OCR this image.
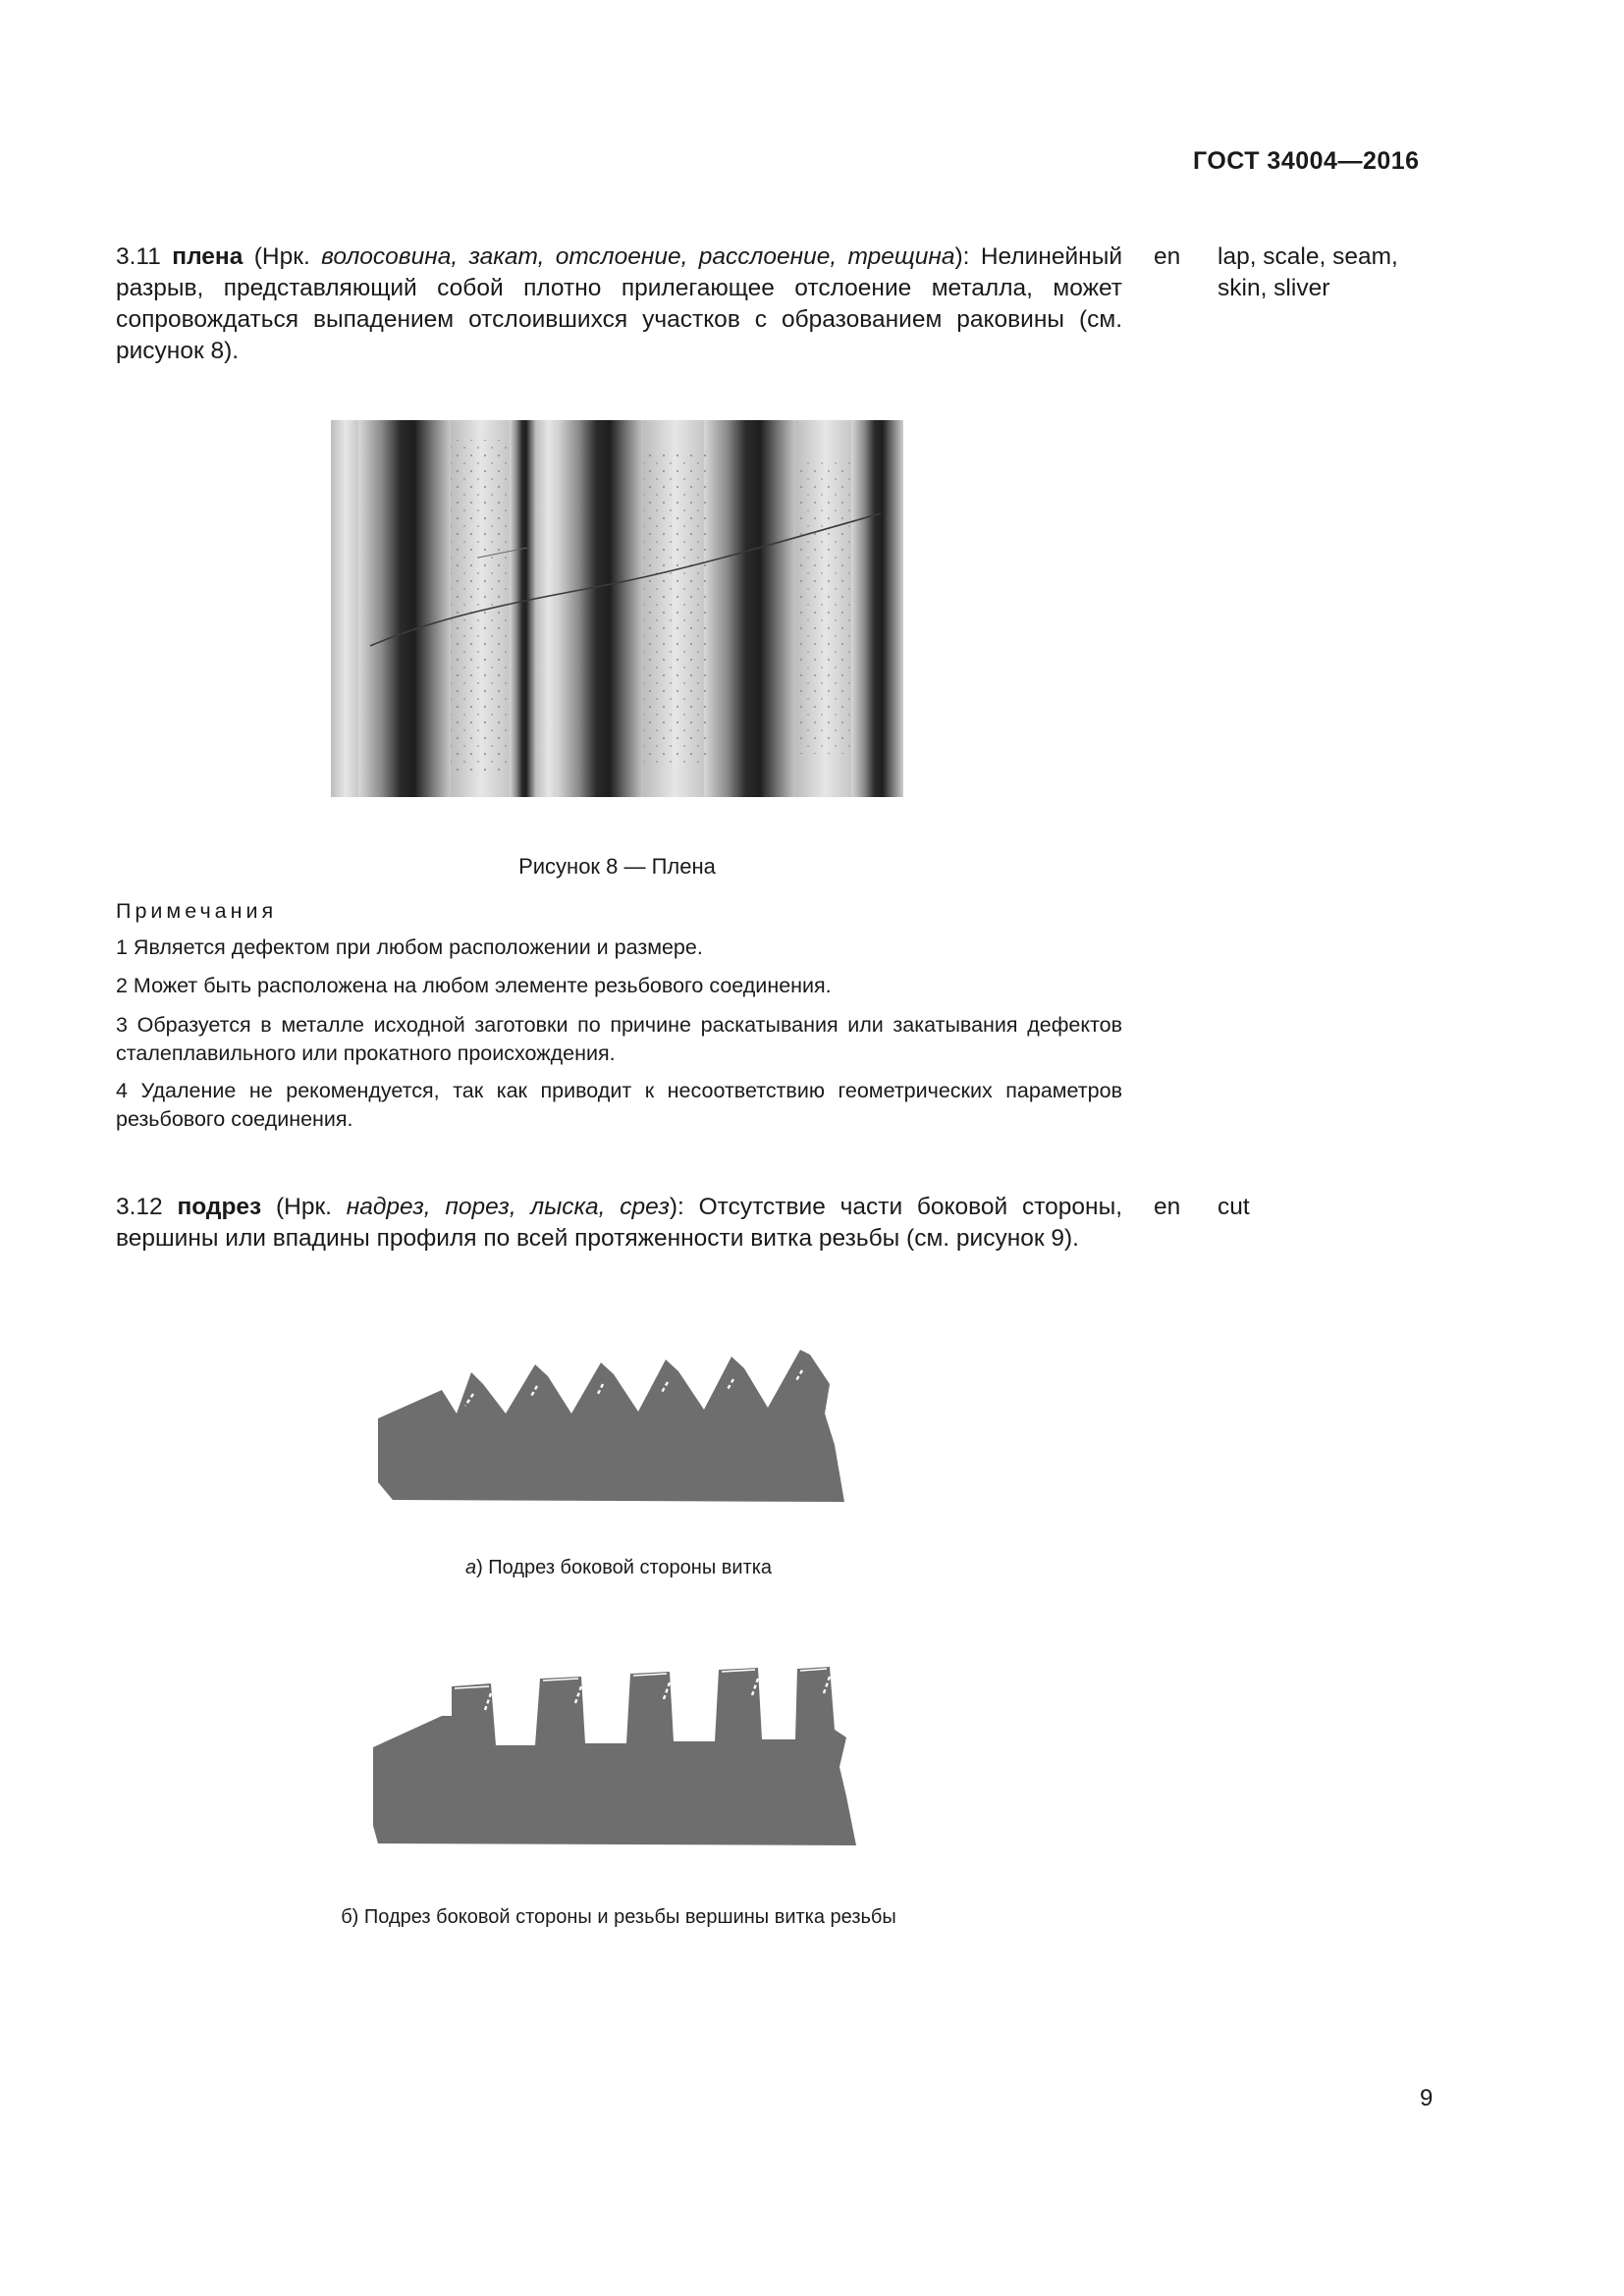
ГОСТ 34004—2016
3.11 плена (Нрк. волосовина, закат, отслоение, расслоение, трещина): Нелинейный разрыв, представляющий собой плотно прилегающее отслоение металла, может сопровождаться выпадением отслоившихся участков с образованием раковины (см. рисунок 8).
en lap, scale, seam,
skin, sliver
Рисунок 8 — Плена
Примечания
1 Является дефектом при любом расположении и размере.
2 Может быть расположена на любом элементе резьбового соединения.
3 Образуется в металле исходной заготовки по причине раскатывания или закатывания дефектов сталеплавильного или прокатного происхождения.
4 Удаление не рекомендуется, так как приводит к несоответствию геометрических параметров резьбового соединения.
3.12 подрез (Нрк. надрез, порез, лыска, срез): Отсутствие части боковой стороны, вершины или впадины профиля по всей протяженности витка резьбы (см. рисунок 9).
en cut
а) Подрез боковой стороны витка
б) Подрез боковой стороны и резьбы вершины витка резьбы
9
